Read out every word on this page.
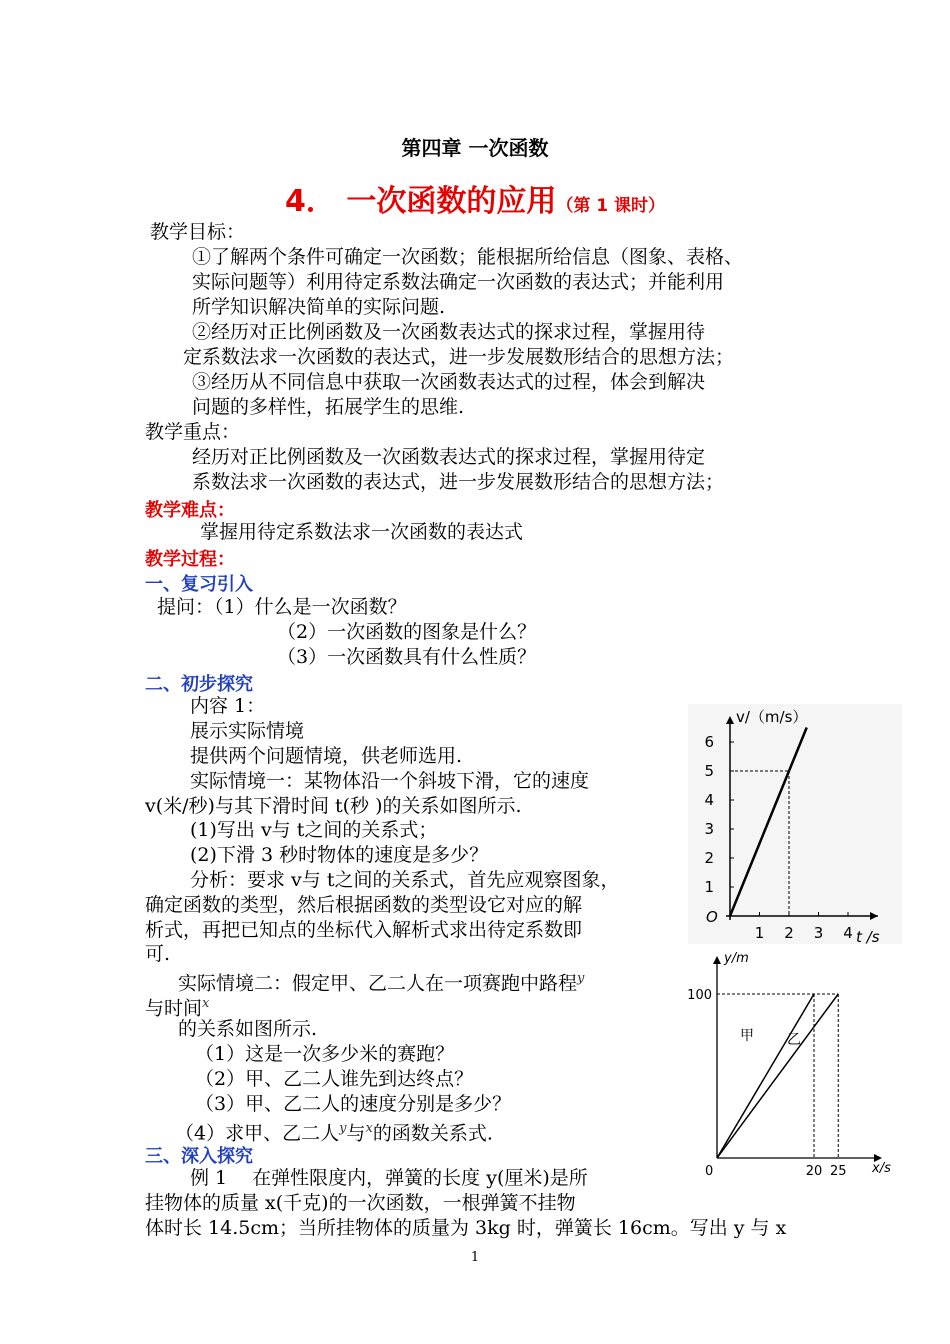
第四章 一次函数
4． 一次函数的应用（第 1 课时）
教学目标：
①了解两个条件可确定一次函数；能根据所给信息（图象、表格、
实际问题等）利用待定系数法确定一次函数的表达式；并能利用
所学知识解决简单的实际问题.
②经历对正比例函数及一次函数表达式的探求过程，掌握用待
定系数法求一次函数的表达式，进一步发展数形结合的思想方法；
③经历从不同信息中获取一次函数表达式的过程，体会到解决
问题的多样性，拓展学生的思维.
教学重点：
经历对正比例函数及一次函数表达式的探求过程，掌握用待定
系数法求一次函数的表达式，进一步发展数形结合的思想方法；
教学难点：
掌握用待定系数法求一次函数的表达式
教学过程：
一、复习引入
提问：（1）什么是一次函数？
（2）一次函数的图象是什么？
（3）一次函数具有什么性质？
二、初步探究
内容 1：
展示实际情境
提供两个问题情境，供老师选用.
实际情境一：某物体沿一个斜坡下滑，它的速度
v(米/秒)与其下滑时间 t(秒 )的关系如图所示.
(1)写出 v与 t之间的关系式；
(2)下滑 3 秒时物体的速度是多少？
分析：要求 v与 t之间的关系式，首先应观察图象，
确定函数的类型，然后根据函数的类型设它对应的解
析式，再把已知点的坐标代入解析式求出待定系数即
可.
实际情境二：假定甲、乙二人在一项赛跑中路程$^y$
与时间$^x$
的关系如图所示.
（1）这是一次多少米的赛跑？
（2）甲、乙二人谁先到达终点？
（3）甲、乙二人的速度分别是多少？
（4）求甲、乙二人$^y$与$^x$的函数关系式.
三、深入探究
例 1　 在弹性限度内，弹簧的长度 y(厘米)是所
挂物体的质量 x(千克)的一次函数，一根弹簧不挂物
体时长 14.5cm；当所挂物体的质量为 3kg 时，弹簧长 16cm。写出 y 与 x
1
1 2 3 4
1
2
3
4
5
6
O
t /s
v/（m/s）
甲 乙
100
20 25
0	x/s
y/m
